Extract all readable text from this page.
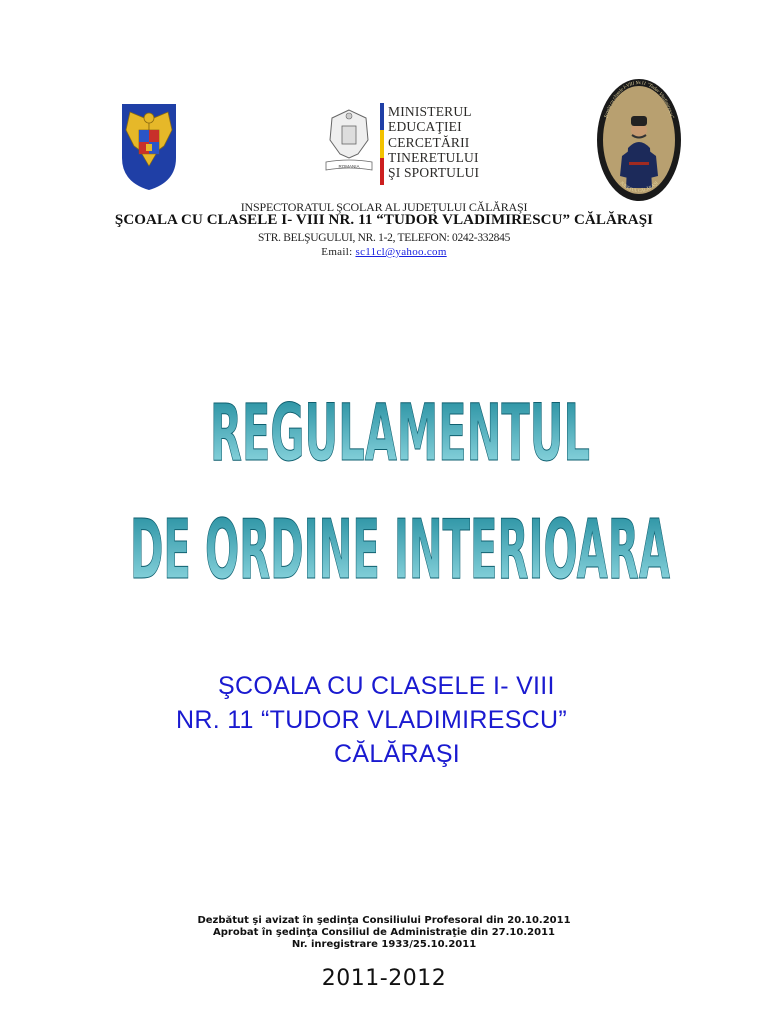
ROMANIA
MINISTERUL
EDUCAŢIEI
CERCETĂRII
TINERETULUI
ŞI SPORTULUI
Şcoala cu clasele I-VIII Nr.11 "Tudor Vladimirescu"
JUDEŢUL CĂLĂRAŞI
INSPECTORATUL ŞCOLAR AL JUDEŢULUI CĂLĂRAŞI
ŞCOALA CU CLASELE I- VIII NR. 11 “TUDOR VLADIMIRESCU” CĂLĂRAŞI
STR. BELŞUGULUI, NR. 1-2, TELEFON: 0242-332845
Email: sc11cl@yahoo.com
REGULAMENTUL
DE ORDINE INTERIOARA
ŞCOALA CU CLASELE I- VIII
NR. 11 “TUDOR VLADIMIRESCU”
CĂLĂRAŞI
Dezbătut şi avizat în şedinţa Consiliului Profesoral din 20.10.2011
Aprobat în şedinţa Consiliul de Administraţie din 27.10.2011
Nr. inregistrare 1933/25.10.2011
2011-2012
